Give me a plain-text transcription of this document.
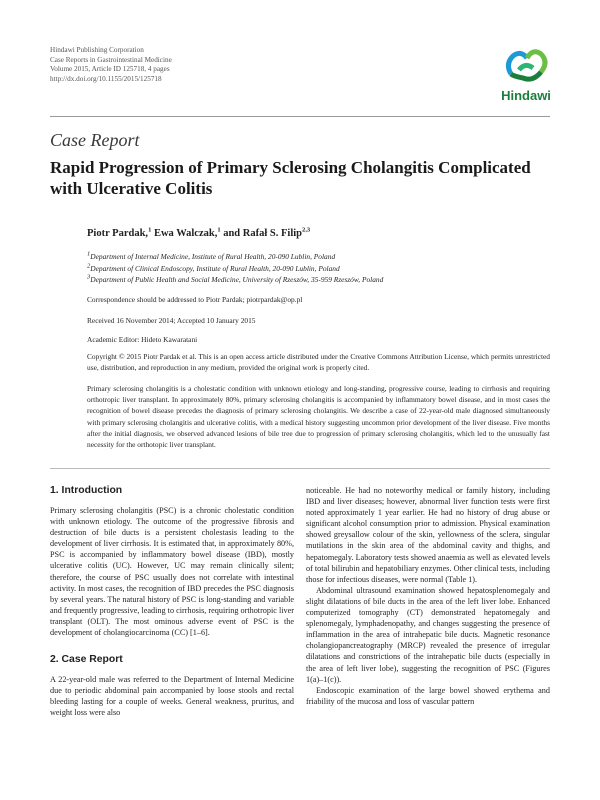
Hindawi Publishing Corporation
Case Reports in Gastrointestinal Medicine
Volume 2015, Article ID 125718, 4 pages
http://dx.doi.org/10.1155/2015/125718
Hindawi
Case Report
Rapid Progression of Primary Sclerosing Cholangitis Complicated with Ulcerative Colitis
Piotr Pardak,$^1$ Ewa Walczak,$^1$ and Rafał S. Filip$^{2,3}$
$^1$Department of Internal Medicine, Institute of Rural Health, 20-090 Lublin, Poland
$^2$Department of Clinical Endoscopy, Institute of Rural Health, 20-090 Lublin, Poland
$^3$Department of Public Health and Social Medicine, University of Rzeszów, 35-959 Rzeszów, Poland
Correspondence should be addressed to Piotr Pardak; piotrpardak@op.pl
Received 16 November 2014; Accepted 10 January 2015
Academic Editor: Hideto Kawaratani
Copyright © 2015 Piotr Pardak et al. This is an open access article distributed under the Creative Commons Attribution License, which permits unrestricted use, distribution, and reproduction in any medium, provided the original work is properly cited.
Primary sclerosing cholangitis is a cholestatic condition with unknown etiology and long-standing, progressive course, leading to cirrhosis and requiring orthotropic liver transplant. In approximately 80%, primary sclerosing cholangitis is accompanied by inflammatory bowel disease, and in most cases the recognition of bowel disease precedes the diagnosis of primary sclerosing cholangitis. We describe a case of 22-year-old male diagnosed simultaneously with primary sclerosing cholangitis and ulcerative colitis, with a medical history suggesting uncommon prior development of the liver disease. Five months after the initial diagnosis, we observed advanced lesions of bile tree due to progression of primary sclerosing cholangitis, which led to the unusually fast necessity for the orthotopic liver transplant.
1. Introduction

Primary sclerosing cholangitis (PSC) is a chronic cholestatic condition with unknown etiology. The outcome of the progressive fibrosis and destruction of bile ducts is a persistent cholestasis leading to the development of liver cirrhosis. It is estimated that, in approximately 80%, PSC is accompanied by inflammatory bowel disease (IBD), mostly ulcerative colitis (UC). However, UC may remain clinically silent; therefore, the course of PSC usually does not correlate with intestinal activity. In most cases, the recognition of IBD precedes the PSC diagnosis by several years. The natural history of PSC is long-standing and variable and frequently progressive, leading to cirrhosis, requiring orthotropic liver transplant (OLT). The most ominous adverse event of PSC is the development of cholangiocarcinoma (CC) [1–6].

2. Case Report

A 22-year-old male was referred to the Department of Internal Medicine due to periodic abdominal pain accompanied by loose stools and rectal bleeding lasting for a couple of weeks. General weakness, pruritus, and weight loss were also

noticeable. He had no noteworthy medical or family history, including IBD and liver diseases; however, abnormal liver function tests were first noted approximately 1 year earlier. He had no history of drug abuse or significant alcohol consumption prior to admission. Physical examination showed greysallow colour of the skin, yellowness of the sclera, singular mutilations in the skin area of the abdominal cavity and thighs, and hepatomegaly. Laboratory tests showed anaemia as well as elevated levels of total bilirubin and hepatobiliary enzymes. Other clinical tests, including those for infectious diseases, were normal (Table 1).

Abdominal ultrasound examination showed hepatosplenomegaly and slight dilatations of bile ducts in the area of the left liver lobe. Enhanced computerized tomography (CT) demonstrated hepatomegaly and splenomegaly, lymphadenopathy, and changes suggesting the presence of inflammation in the area of intrahepatic bile ducts. Magnetic resonance cholangiopancreatography (MRCP) revealed the presence of irregular dilatations and constrictions of the intrahepatic bile ducts (especially in the area of left liver lobe), suggesting the recognition of PSC (Figures 1(a)–1(c)).

Endoscopic examination of the large bowel showed erythema and friability of the mucosa and loss of vascular pattern
